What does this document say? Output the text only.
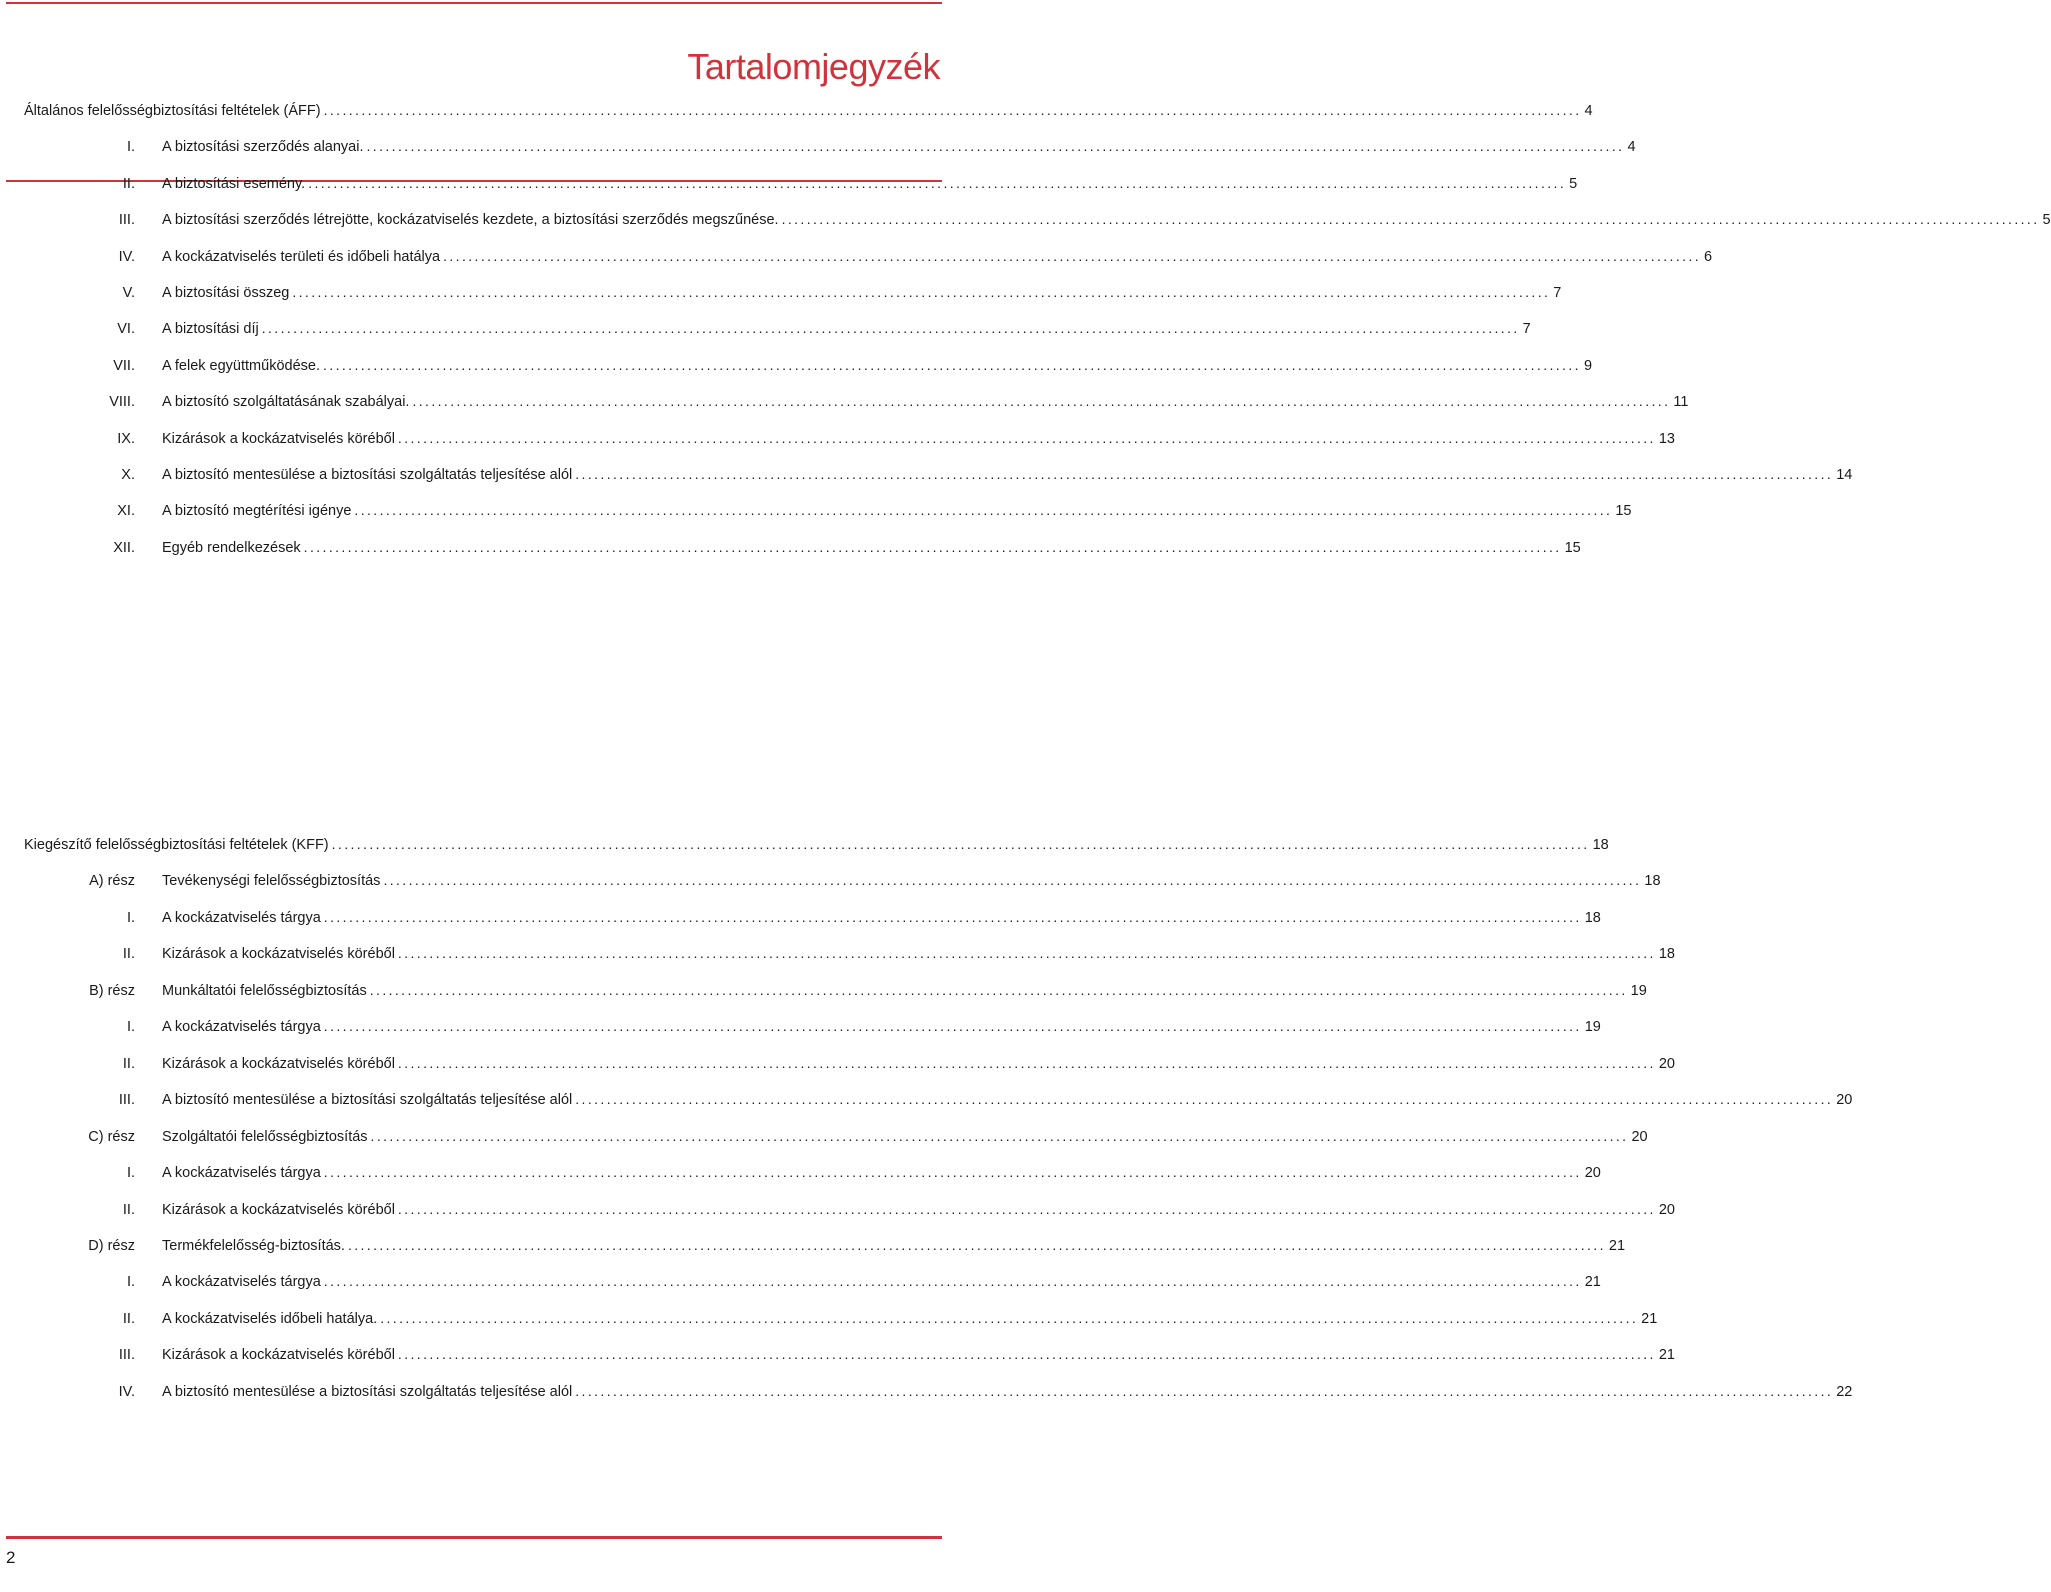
Tartalomjegyzék
Általános felelősségbiztosítási feltételek (ÁFF) ........................................................................................................................................................................................................ 4
I.	A biztosítási szerződés alanyai. ........................................................................................................................................................................................................ 4
II.	A biztosítási esemény. ........................................................................................................................................................................................................ 5
III.	A biztosítási szerződés létrejötte, kockázatviselés kezdete, a biztosítási szerződés megszűnése. ........................................................................................................................................................................................................ 5
IV.	A kockázatviselés területi és időbeli hatálya ........................................................................................................................................................................................................ 6
V.	A biztosítási összeg ........................................................................................................................................................................................................ 7
VI.	A biztosítási díj ........................................................................................................................................................................................................ 7
VII.	A felek együttműködése. ........................................................................................................................................................................................................ 9
VIII.	A biztosító szolgáltatásának szabályai. ........................................................................................................................................................................................................ 11
IX.	Kizárások a kockázatviselés köréből ........................................................................................................................................................................................................ 13
X.	A biztosító mentesülése a biztosítási szolgáltatás teljesítése alól ........................................................................................................................................................................................................ 14
XI.	A biztosító megtérítési igénye ........................................................................................................................................................................................................ 15
XII.	Egyéb rendelkezések ........................................................................................................................................................................................................ 15
Kiegészítő felelősségbiztosítási feltételek (KFF) ........................................................................................................................................................................................................ 18
A) rész	Tevékenységi felelősségbiztosítás ........................................................................................................................................................................................................ 18
I.	A kockázatviselés tárgya ........................................................................................................................................................................................................ 18
II.	Kizárások a kockázatviselés köréből ........................................................................................................................................................................................................ 18
B) rész	Munkáltatói felelősségbiztosítás ........................................................................................................................................................................................................ 19
I.	A kockázatviselés tárgya ........................................................................................................................................................................................................ 19
II.	Kizárások a kockázatviselés köréből ........................................................................................................................................................................................................ 20
III.	A biztosító mentesülése a biztosítási szolgáltatás teljesítése alól ........................................................................................................................................................................................................ 20
C) rész	Szolgáltatói felelősségbiztosítás ........................................................................................................................................................................................................ 20
I.	A kockázatviselés tárgya ........................................................................................................................................................................................................ 20
II.	Kizárások a kockázatviselés köréből ........................................................................................................................................................................................................ 20
D) rész	Termékfelelősség-biztosítás. ........................................................................................................................................................................................................ 21
I.	A kockázatviselés tárgya ........................................................................................................................................................................................................ 21
II.	A kockázatviselés időbeli hatálya. ........................................................................................................................................................................................................ 21
III.	Kizárások a kockázatviselés köréből ........................................................................................................................................................................................................ 21
IV.	A biztosító mentesülése a biztosítási szolgáltatás teljesítése alól ........................................................................................................................................................................................................ 22
2
